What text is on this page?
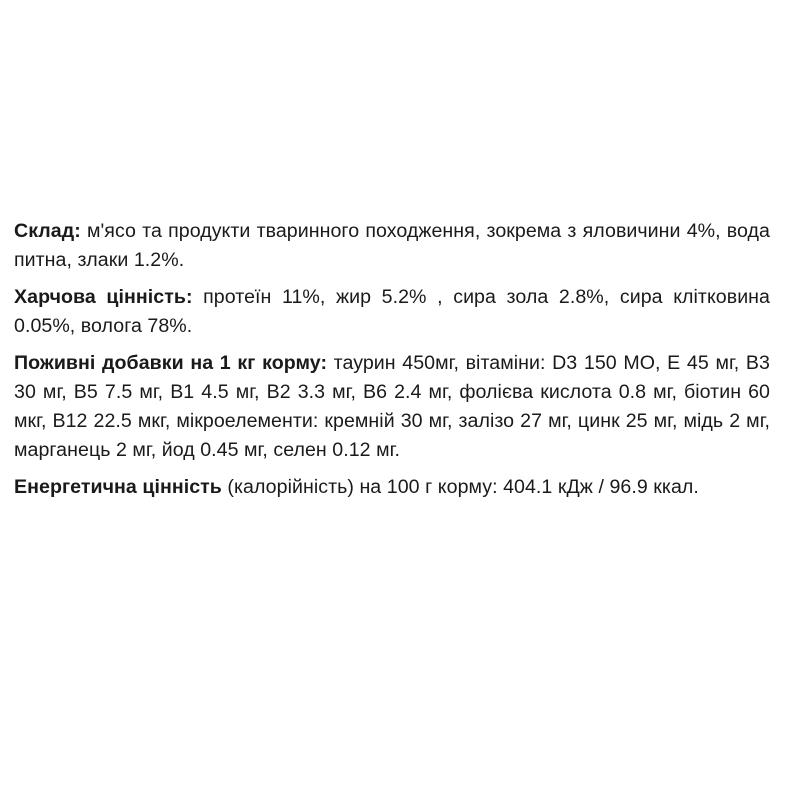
Склад: м'ясо та продукти тваринного походження, зокрема з яловичини 4%, вода питна, злаки 1.2%.

Харчова цінність: протеїн 11%, жир 5.2% , сира зола 2.8%, сира клітковина 0.05%, волога 78%.

Поживні добавки на 1 кг корму: таурин 450мг, вітаміни: D3 150 МО, Е 45 мг, В3 30 мг, В5 7.5 мг, В1 4.5 мг, В2 3.3 мг, В6 2.4 мг, фолієва кислота 0.8 мг, біотин 60 мкг, В12 22.5 мкг, мікроелементи: кремній 30 мг, залізо 27 мг, цинк 25 мг, мідь 2 мг, марганець 2 мг, йод 0.45 мг, селен 0.12 мг.

Енергетична цінність (калорійність) на 100 г корму: 404.1 кДж / 96.9 ккал.
